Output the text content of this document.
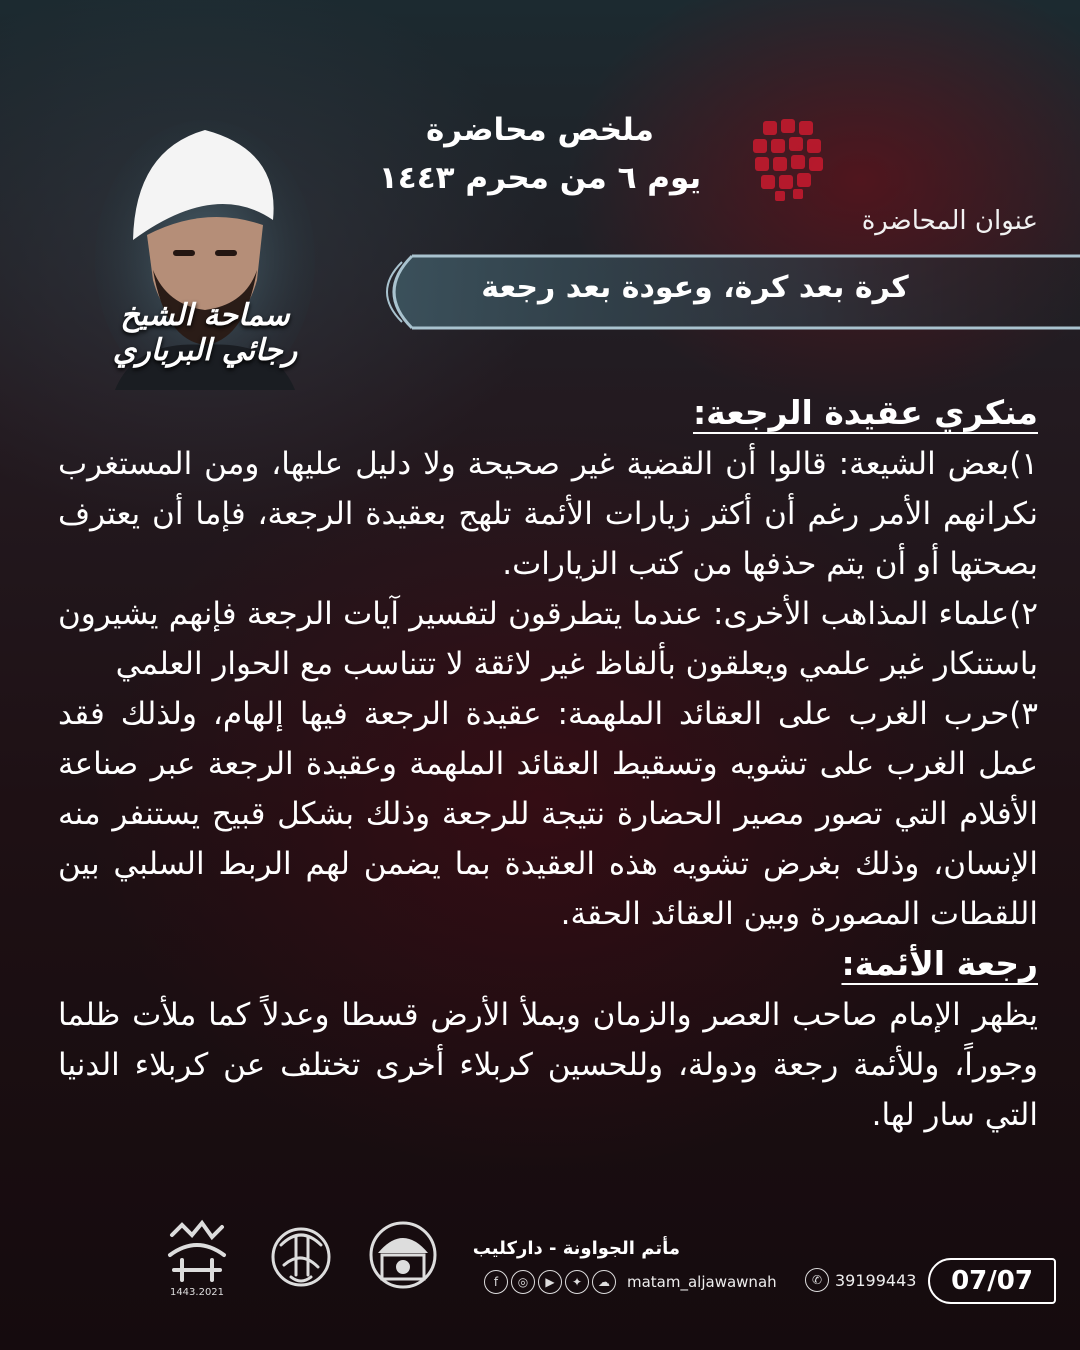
ملخص محاضرة
يوم ٦ من محرم ١٤٤٣
عنوان المحاضرة
كرة بعد كرة، وعودة بعد رجعة
سماحة الشيخ رجائي البرباري

منكري عقيدة الرجعة:

١)بعض الشيعة: قالوا أن القضية غير صحيحة ولا دليل عليها، ومن المستغرب نكرانهم الأمر رغم أن أكثر زيارات الأئمة تلهج بعقيدة الرجعة، فإما أن يعترف بصحتها أو أن يتم حذفها من كتب الزيارات.

٢)علماء المذاهب الأخرى: عندما يتطرقون لتفسير آيات الرجعة فإنهم يشيرون باستنكار غير علمي ويعلقون بألفاظ غير لائقة لا تتناسب مع الحوار العلمي

٣)حرب الغرب على العقائد الملهمة: عقيدة الرجعة فيها إلهام، ولذلك فقد عمل الغرب على تشويه وتسقيط العقائد الملهمة وعقيدة الرجعة عبر صناعة الأفلام التي تصور مصير الحضارة نتيجة للرجعة وذلك بشكل قبيح يستنفر منه الإنسان، وذلك بغرض تشويه هذه العقيدة بما يضمن لهم الربط السلبي بين اللقطات المصورة وبين العقائد الحقة.

رجعة الأئمة:

يظهر الإمام صاحب العصر والزمان ويملأ الأرض قسطا وعدلاً كما ملأت ظلما وجوراً، وللأئمة رجعة ودولة، وللحسين كربلاء أخرى تختلف عن كربلاء الدنيا التي سار لها.

1443.2021
مأتم الجواونة - داركليب
f	◎	▶	✦	☁	matam_aljawawnah	✆ 39199443	07/07
